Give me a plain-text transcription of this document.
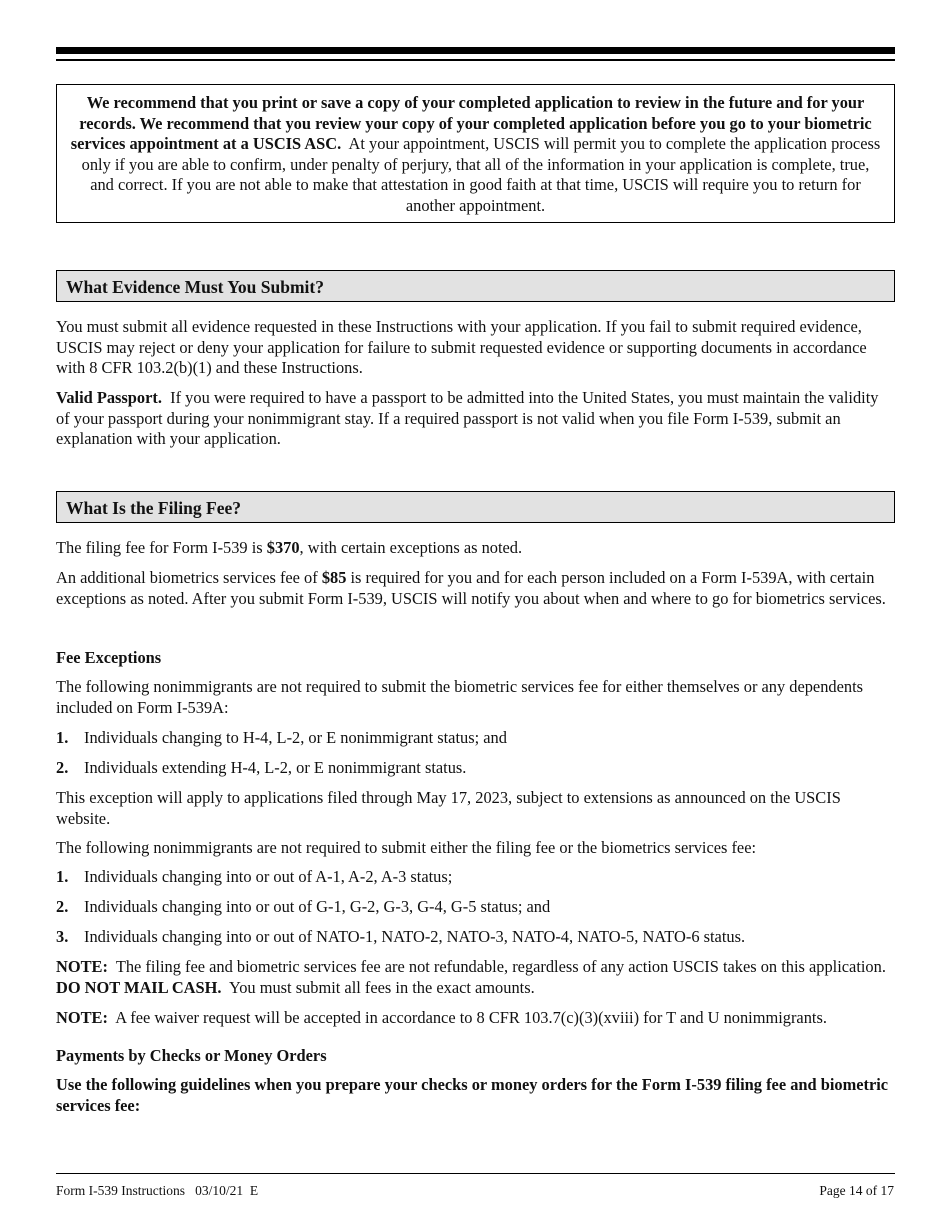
We recommend that you print or save a copy of your completed application to review in the future and for your records. We recommend that you review your copy of your completed application before you go to your biometric services appointment at a USCIS ASC. At your appointment, USCIS will permit you to complete the application process only if you are able to confirm, under penalty of perjury, that all of the information in your application is complete, true, and correct. If you are not able to make that attestation in good faith at that time, USCIS will require you to return for another appointment.
What Evidence Must You Submit?

You must submit all evidence requested in these Instructions with your application. If you fail to submit required evidence, USCIS may reject or deny your application for failure to submit requested evidence or supporting documents in accordance with 8 CFR 103.2(b)(1) and these Instructions.

Valid Passport. If you were required to have a passport to be admitted into the United States, you must maintain the validity of your passport during your nonimmigrant stay. If a required passport is not valid when you file Form I-539, submit an explanation with your application.

What Is the Filing Fee?

The filing fee for Form I-539 is $370, with certain exceptions as noted.

An additional biometrics services fee of $85 is required for you and for each person included on a Form I-539A, with certain exceptions as noted. After you submit Form I-539, USCIS will notify you about when and where to go for biometrics services.

Fee Exceptions

The following nonimmigrants are not required to submit the biometric services fee for either themselves or any dependents included on Form I-539A:

1. Individuals changing to H-4, L-2, or E nonimmigrant status; and

2. Individuals extending H-4, L-2, or E nonimmigrant status.

This exception will apply to applications filed through May 17, 2023, subject to extensions as announced on the USCIS website.

The following nonimmigrants are not required to submit either the filing fee or the biometrics services fee:

1. Individuals changing into or out of A-1, A-2, A-3 status;

2. Individuals changing into or out of G-1, G-2, G-3, G-4, G-5 status; and

3. Individuals changing into or out of NATO-1, NATO-2, NATO-3, NATO-4, NATO-5, NATO-6 status.

NOTE: The filing fee and biometric services fee are not refundable, regardless of any action USCIS takes on this application.  DO NOT MAIL CASH. You must submit all fees in the exact amounts.

NOTE: A fee waiver request will be accepted in accordance to 8 CFR 103.7(c)(3)(xviii) for T and U nonimmigrants.

Payments by Checks or Money Orders

Use the following guidelines when you prepare your checks or money orders for the Form I-539 filing fee and biometric services fee:

Form I-539 Instructions   03/10/21  E	Page 14 of 17
